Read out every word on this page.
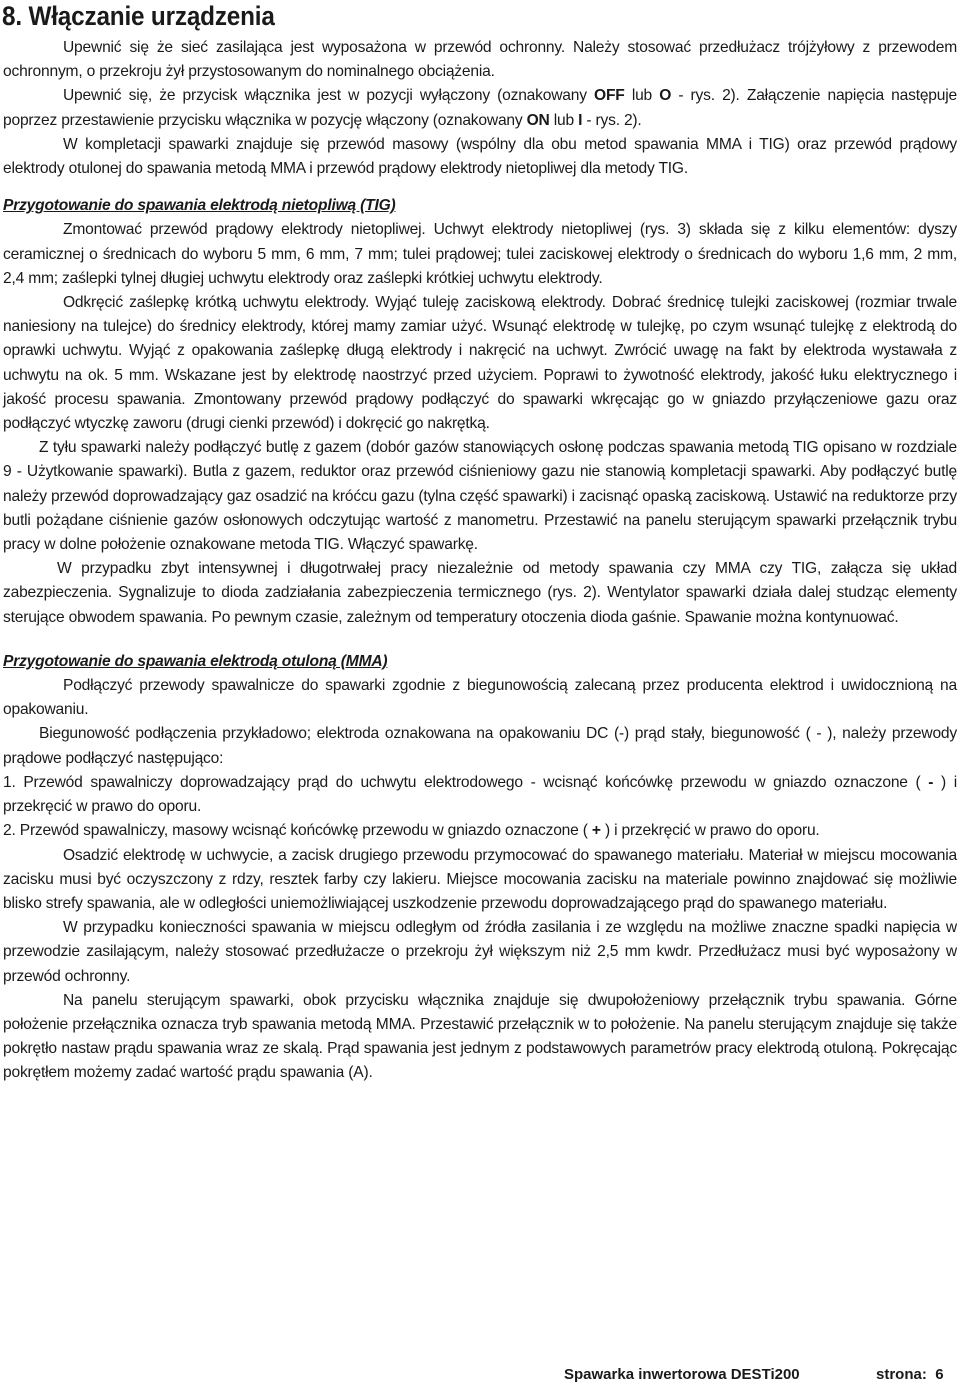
8. Włączanie urządzenia

Upewnić się że sieć zasilająca jest wyposażona w przewód ochronny. Należy stosować przedłużacz trójżyłowy z przewodem ochronnym, o przekroju żył przystosowanym do nominalnego obciążenia.

Upewnić się, że przycisk włącznika jest w pozycji wyłączony (oznakowany OFF lub O - rys. 2). Załączenie napięcia następuje poprzez przestawienie przycisku włącznika w pozycję włączony (oznakowany ON lub I - rys. 2).

W kompletacji spawarki znajduje się przewód masowy (wspólny dla obu metod spawania MMA i TIG) oraz przewód prądowy elektrody otulonej do spawania metodą MMA i przewód prądowy elektrody nietopliwej dla metody TIG.

Przygotowanie do spawania elektrodą nietopliwą (TIG)

Zmontować przewód prądowy elektrody nietopliwej. Uchwyt elektrody nietopliwej (rys. 3) składa się z kilku elementów: dyszy ceramicznej o średnicach do wyboru 5 mm, 6 mm, 7 mm; tulei prądowej; tulei zaciskowej elektrody o średnicach do wyboru 1,6 mm, 2 mm, 2,4 mm; zaślepki tylnej długiej uchwytu elektrody oraz zaślepki krótkiej uchwytu elektrody.

Odkręcić zaślepkę krótką uchwytu elektrody. Wyjąć tuleję zaciskową elektrody. Dobrać średnicę tulejki zaciskowej (rozmiar trwale naniesiony na tulejce) do średnicy elektrody, której mamy zamiar użyć. Wsunąć elektrodę w tulejkę, po czym wsunąć tulejkę z elektrodą do oprawki uchwytu. Wyjąć z opakowania zaślepkę długą elektrody i nakręcić na uchwyt. Zwrócić uwagę na fakt by elektroda wystawała z uchwytu na ok. 5 mm. Wskazane jest by elektrodę naostrzyć przed użyciem. Poprawi to żywotność elektrody, jakość łuku elektrycznego i jakość procesu spawania. Zmontowany przewód prądowy podłączyć do spawarki wkręcając go w gniazdo przyłączeniowe gazu oraz podłączyć wtyczkę zaworu (drugi cienki przewód) i dokręcić go nakrętką.

Z tyłu spawarki należy podłączyć butlę z gazem (dobór gazów stanowiących osłonę podczas spawania metodą TIG opisano w rozdziale 9 - Użytkowanie spawarki). Butla z gazem, reduktor oraz przewód ciśnieniowy gazu nie stanowią kompletacji spawarki. Aby podłączyć butlę należy przewód doprowadzający gaz osadzić na króćcu gazu (tylna część spawarki) i zacisnąć opaską zaciskową. Ustawić na reduktorze przy butli pożądane ciśnienie gazów osłonowych odczytując wartość z manometru. Przestawić na panelu sterującym spawarki przełącznik trybu pracy w dolne położenie oznakowane metoda TIG. Włączyć spawarkę.

W przypadku zbyt intensywnej i długotrwałej pracy niezależnie od metody spawania czy MMA czy TIG, załącza się układ zabezpieczenia. Sygnalizuje to dioda zadziałania zabezpieczenia termicznego (rys. 2). Wentylator spawarki działa dalej studząc elementy sterujące obwodem spawania. Po pewnym czasie, zależnym od temperatury otoczenia dioda gaśnie. Spawanie można kontynuować.

Przygotowanie do spawania elektrodą otuloną (MMA)

Podłączyć przewody spawalnicze do spawarki zgodnie z biegunowością zalecaną przez producenta elektrod i uwidocznioną na opakowaniu.

Biegunowość podłączenia przykładowo; elektroda oznakowana na opakowaniu DC (-) prąd stały, biegunowość ( - ), należy przewody prądowe podłączyć następująco:

1. Przewód spawalniczy doprowadzający prąd do uchwytu elektrodowego - wcisnąć końcówkę przewodu w gniazdo oznaczone ( - ) i przekręcić w prawo do oporu.

2. Przewód spawalniczy, masowy wcisnąć końcówkę przewodu w gniazdo oznaczone ( + ) i przekręcić w prawo do oporu.

Osadzić elektrodę w uchwycie, a zacisk drugiego przewodu przymocować do spawanego materiału. Materiał w miejscu mocowania zacisku musi być oczyszczony z rdzy, resztek farby czy lakieru. Miejsce mocowania zacisku na materiale powinno znajdować się możliwie blisko strefy spawania, ale w odległości uniemożliwiającej uszkodzenie przewodu doprowadzającego prąd do spawanego materiału.

W przypadku konieczności spawania w miejscu odległym od źródła zasilania i ze względu na możliwe znaczne spadki napięcia w przewodzie zasilającym, należy stosować przedłużacze o przekroju żył większym niż 2,5 mm kwdr. Przedłużacz musi być wyposażony w przewód ochronny.

Na panelu sterującym spawarki, obok przycisku włącznika znajduje się dwupołożeniowy przełącznik trybu spawania. Górne położenie przełącznika oznacza tryb spawania metodą MMA. Przestawić przełącznik w to położenie. Na panelu sterującym znajduje się także pokrętło nastaw prądu spawania wraz ze skalą. Prąd spawania jest jednym z podstawowych parametrów pracy elektrodą otuloną. Pokręcając pokrętłem możemy zadać wartość prądu spawania (A).

Spawarka inwertorowa DESTi200	strona: 6
